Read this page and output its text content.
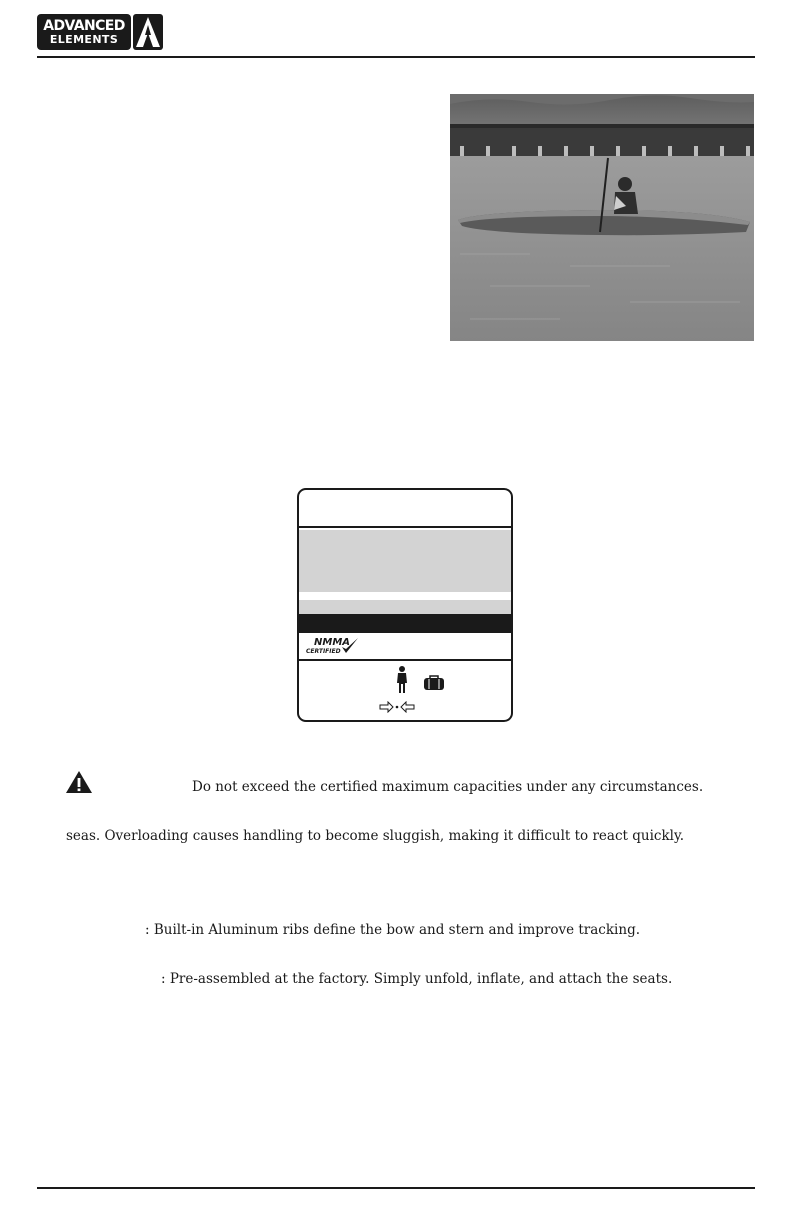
ADVANCED
ELEMENTS
NMMA
CERTIFIED
Do not exceed the certified maximum capacities under any circumstances.
seas. Overloading causes handling to become sluggish, making it difficult to react quickly.
: Built-in Aluminum ribs define the bow and stern and improve tracking.
: Pre-assembled at the factory. Simply unfold, inflate, and attach the seats.
